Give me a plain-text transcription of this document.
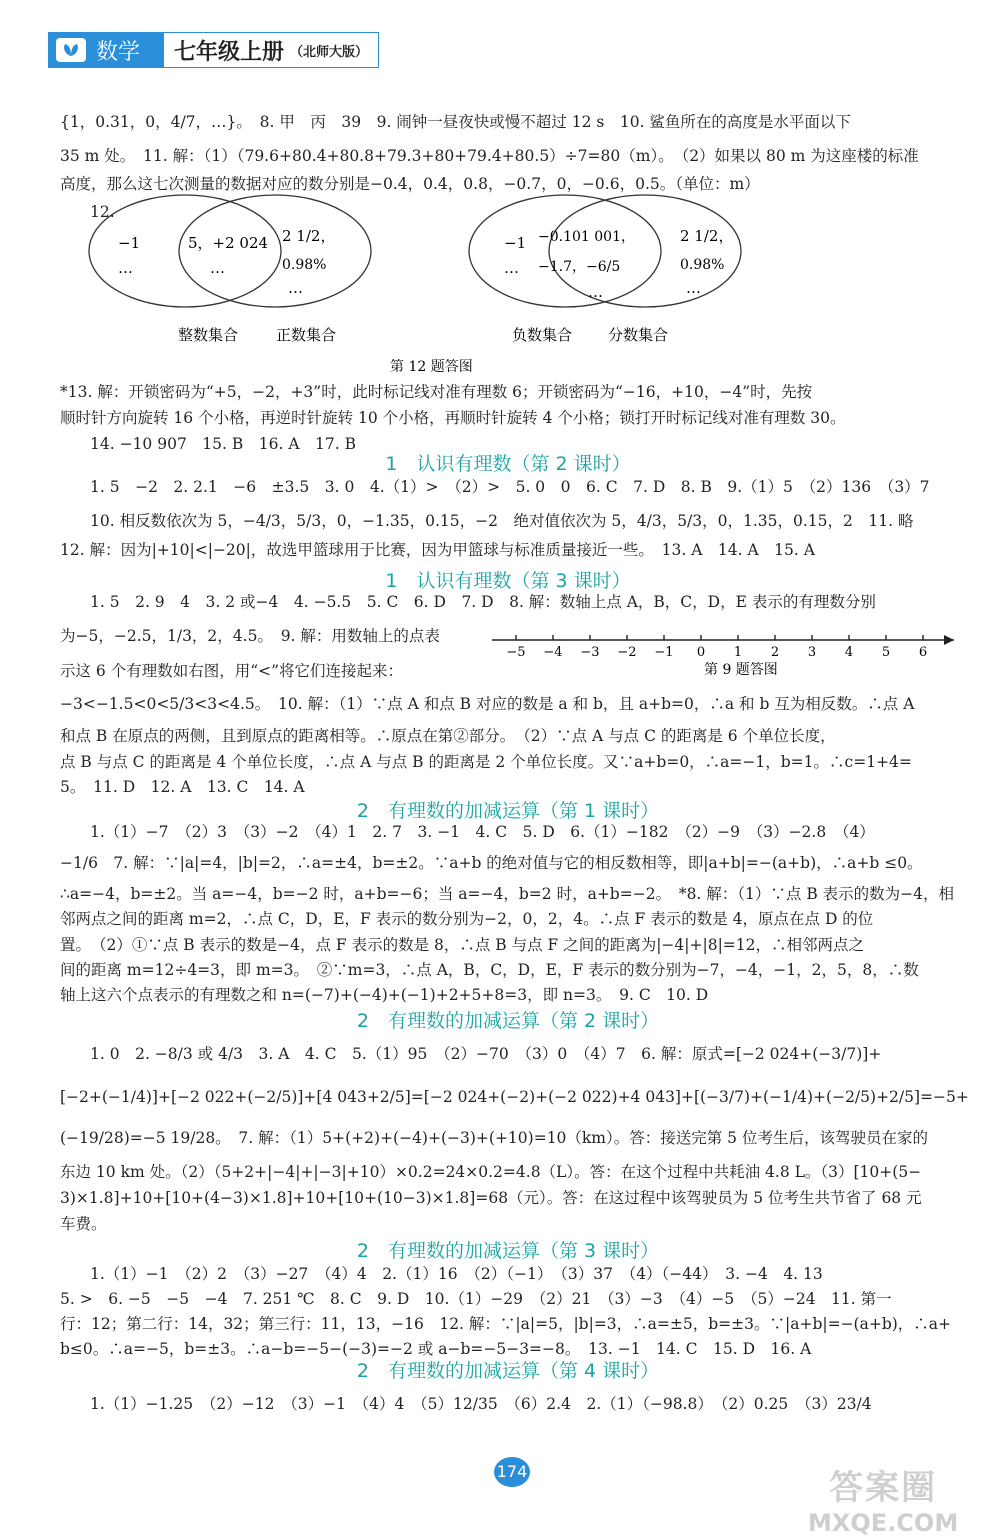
数学 七年级上册 （北师大版）
{1，0.31，0，4/7，…}。　8. 甲　丙　39　9. 闹钟一昼夜快或慢不超过 12 s　10. 鲨鱼所在的高度是水平面以下
35 m 处。　11. 解：（1）（79.6+80.4+80.8+79.3+80+79.4+80.5）÷7=80（m）。　（2）如果以 80 m 为这座楼的标准
高度，那么这七次测量的数据对应的数分别是−0.4，0.4，0.8，−0.7，0，−0.6，0.5。（单位：m）
12.
−1
…
5，+2 024
…
2 1/2，
0.98%
…
整数集合	正数集合
−1
…
−0.101 001，
−1.7，−6/5
…
2 1/2，
0.98%
…
负数集合 分数集合
第 12 题答图
*13. 解：开锁密码为“+5，−2，+3”时，此时标记线对准有理数 6；开锁密码为“−16，+10，−4”时，先按
顺时针方向旋转 16 个小格，再逆时针旋转 10 个小格，再顺时针旋转 4 个小格；锁打开时标记线对准有理数 30。
14. −10 907　15. B　16. A　17. B
1　认识有理数（第 2 课时）
1. 5　−2　2. 2.1　−6　±3.5　3. 0　4.（1）>　（2）>　5. 0　0　6. C　7. D　8. B　9.（1）5　（2）136　（3）7
10. 相反数依次为 5，−4/3，5/3，0，−1.35，0.15，−2　绝对值依次为 5，4/3，5/3，0，1.35，0.15，2　11. 略
12. 解：因为|+10|<|−20|，故选甲篮球用于比赛，因为甲篮球与标准质量接近一些。　13. A　14. A　15. A
1　认识有理数（第 3 课时）
1. 5　2. 9　4　3. 2 或−4　4. −5.5　5. C　6. D　7. D　8. 解：数轴上点 A，B，C，D，E 表示的有理数分别
为−5，−2.5，1/3，2，4.5。　9. 解：用数轴上的点表
示这 6 个有理数如右图，用“<”将它们连接起来：
−5 −4 −3 −2 −1 0 1 2 3 4 5 6
第 9 题答图
−3<−1.5<0<5/3<3<4.5。　10. 解：（1）∵点 A 和点 B 对应的数是 a 和 b，且 a+b=0，∴a 和 b 互为相反数。∴点 A
和点 B 在原点的两侧，且到原点的距离相等。∴原点在第②部分。　（2）∵点 A 与点 C 的距离是 6 个单位长度，
点 B 与点 C 的距离是 4 个单位长度，∴点 A 与点 B 的距离是 2 个单位长度。又∵a+b=0，∴a=−1，b=1。∴c=1+4=
5。　11. D　12. A　13. C　14. A
2　有理数的加减运算（第 1 课时）
1.（1）−7　（2）3　（3）−2　（4）1　2. 7　3. −1　4. C　5. D　6.（1）−182　（2）−9　（3）−2.8　（4）
−1/6　7. 解：∵|a|=4，|b|=2，∴a=±4，b=±2。∵a+b 的绝对值与它的相反数相等，即|a+b|=−(a+b)，∴a+b ≤0。
∴a=−4，b=±2。当 a=−4，b=−2 时，a+b=−6；当 a=−4，b=2 时，a+b=−2。　*8. 解：（1）∵点 B 表示的数为−4，相
邻两点之间的距离 m=2，∴点 C，D，E，F 表示的数分别为−2，0，2，4。∴点 F 表示的数是 4，原点在点 D 的位
置。　（2）①∵点 B 表示的数是−4，点 F 表示的数是 8，∴点 B 与点 F 之间的距离为|−4|+|8|=12，∴相邻两点之
间的距离 m=12÷4=3，即 m=3。　②∵m=3，∴点 A，B，C，D，E，F 表示的数分别为−7，−4，−1，2，5，8，∴数
轴上这六个点表示的有理数之和 n=(−7)+(−4)+(−1)+2+5+8=3，即 n=3。　9. C　10. D
2　有理数的加减运算（第 2 课时）
1. 0　2. −8/3 或 4/3　3. A　4. C　5.（1）95　（2）−70　（3）0　（4）7　6. 解：原式=[−2 024+(−3/7)]+
[−2+(−1/4)]+[−2 022+(−2/5)]+[4 043+2/5]=[−2 024+(−2)+(−2 022)+4 043]+[(−3/7)+(−1/4)+(−2/5)+2/5]=−5+
(−19/28)=−5 19/28。　7. 解：（1）5+(+2)+(−4)+(−3)+(+10)=10（km）。答：接送完第 5 位考生后，该驾驶员在家的
东边 10 km 处。（2）（5+2+|−4|+|−3|+10）×0.2=24×0.2=4.8（L）。答：在这个过程中共耗油 4.8 L。（3）[10+(5−
3)×1.8]+10+[10+(4−3)×1.8]+10+[10+(10−3)×1.8]=68（元）。答：在这过程中该驾驶员为 5 位考生共节省了 68 元
车费。
2　有理数的加减运算（第 3 课时）
1.（1）−1　（2）2　（3）−27　（4）4　2.（1）16　（2）（−1）　（3）37　（4）（−44）　3. −4　4. 13
5. >　6. −5　−5　−4　7. 251 ℃　8. C　9. D　10.（1）−29　（2）21　（3）−3　（4）−5　（5）−24　11. 第一
行：12；第二行：14，32；第三行：11，13，−16　12. 解：∵|a|=5，|b|=3，∴a=±5，b=±3。∵|a+b|=−(a+b)，∴a+
b≤0。∴a=−5，b=±3。∴a−b=−5−(−3)=−2 或 a−b=−5−3=−8。　13. −1　14. C　15. D　16. A
2　有理数的加减运算（第 4 课时）
1.（1）−1.25　（2）−12　（3）−1　（4）4　（5）12/35　（6）2.4　2.（1）（−98.8）　（2）0.25　（3）23/4
174	答案圈
MXQE.COM
